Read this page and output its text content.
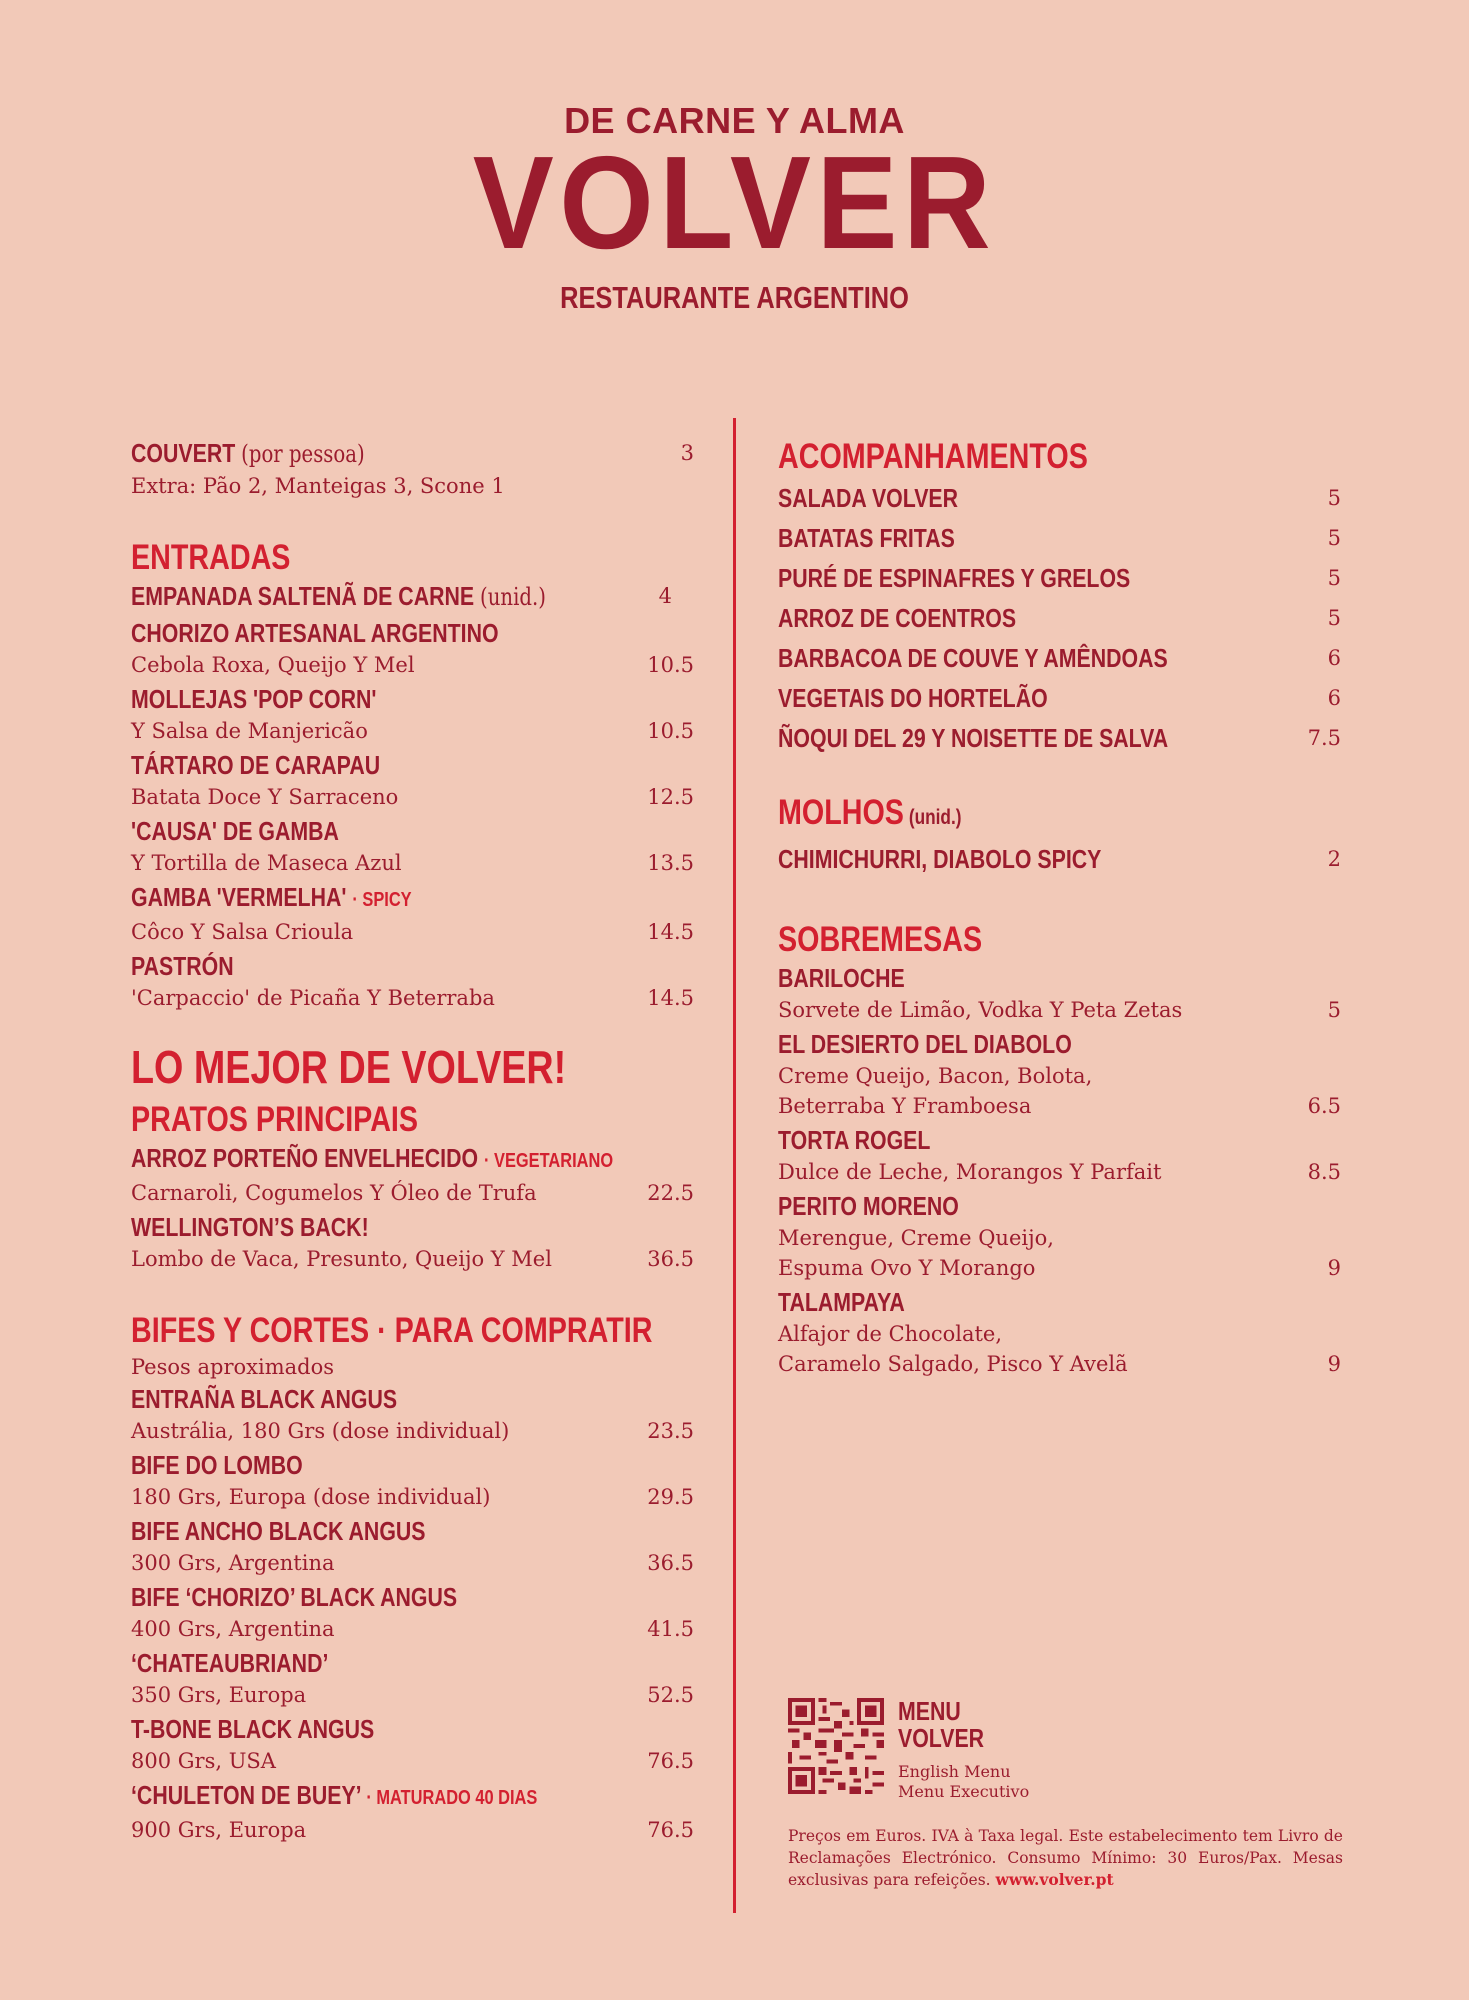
DE CARNE Y ALMA
VOLVER
RESTAURANTE ARGENTINO
COUVERT (por pessoa)	3
Extra: Pão 2, Manteigas 3, Scone 1
ENTRADAS
EMPANADA SALTENÃ DE CARNE (unid.)	4
CHORIZO ARTESANAL ARGENTINO
Cebola Roxa, Queijo Y Mel	10.5
MOLLEJAS 'POP CORN'
Y Salsa de Manjericão	10.5
TÁRTARO DE CARAPAU
Batata Doce Y Sarraceno	12.5
'CAUSA' DE GAMBA
Y Tortilla de Maseca Azul	13.5
GAMBA 'VERMELHA' · SPICY
Côco Y Salsa Crioula	14.5
PASTRÓN
'Carpaccio' de Picaña Y Beterraba	14.5
LO MEJOR DE VOLVER!
PRATOS PRINCIPAIS
ARROZ PORTEÑO ENVELHECIDO · VEGETARIANO
Carnaroli, Cogumelos Y Óleo de Trufa	22.5
WELLINGTON’S BACK!
Lombo de Vaca, Presunto, Queijo Y Mel	36.5
BIFES Y CORTES · PARA COMPRATIR
Pesos aproximados
ENTRAÑA BLACK ANGUS
Austrália, 180 Grs (dose individual)	23.5
BIFE DO LOMBO
180 Grs, Europa (dose individual)	29.5
BIFE ANCHO BLACK ANGUS
300 Grs, Argentina	36.5
BIFE ‘CHORIZO’ BLACK ANGUS
400 Grs, Argentina	41.5
‘CHATEAUBRIAND’
350 Grs, Europa	52.5
T-BONE BLACK ANGUS
800 Grs, USA	76.5
‘CHULETON DE BUEY’ · MATURADO 40 DIAS
900 Grs, Europa	76.5
ACOMPANHAMENTOS
SALADA VOLVER	5
BATATAS FRITAS	5
PURÉ DE ESPINAFRES Y GRELOS	5
ARROZ DE COENTROS	5
BARBACOA DE COUVE Y AMÊNDOAS	6
VEGETAIS DO HORTELÃO	6
ÑOQUI DEL 29 Y NOISETTE DE SALVA	7.5
MOLHOS (unid.)
CHIMICHURRI, DIABOLO SPICY	2
SOBREMESAS
BARILOCHE
Sorvete de Limão, Vodka Y Peta Zetas	5
EL DESIERTO DEL DIABOLO
Creme Queijo, Bacon, Bolota,
Beterraba Y Framboesa	6.5
TORTA ROGEL
Dulce de Leche, Morangos Y Parfait	8.5
PERITO MORENO
Merengue, Creme Queijo,
Espuma Ovo Y Morango	9
TALAMPAYA
Alfajor de Chocolate,
Caramelo Salgado, Pisco Y Avelã	9
MENU
VOLVER
English Menu
Menu Executivo
Preços em Euros. IVA à Taxa legal. Este estabelecimento tem Livro de Reclamações Electrónico. Consumo Mínimo: 30 Euros/Pax. Mesas exclusivas para refeições. www.volver.pt
